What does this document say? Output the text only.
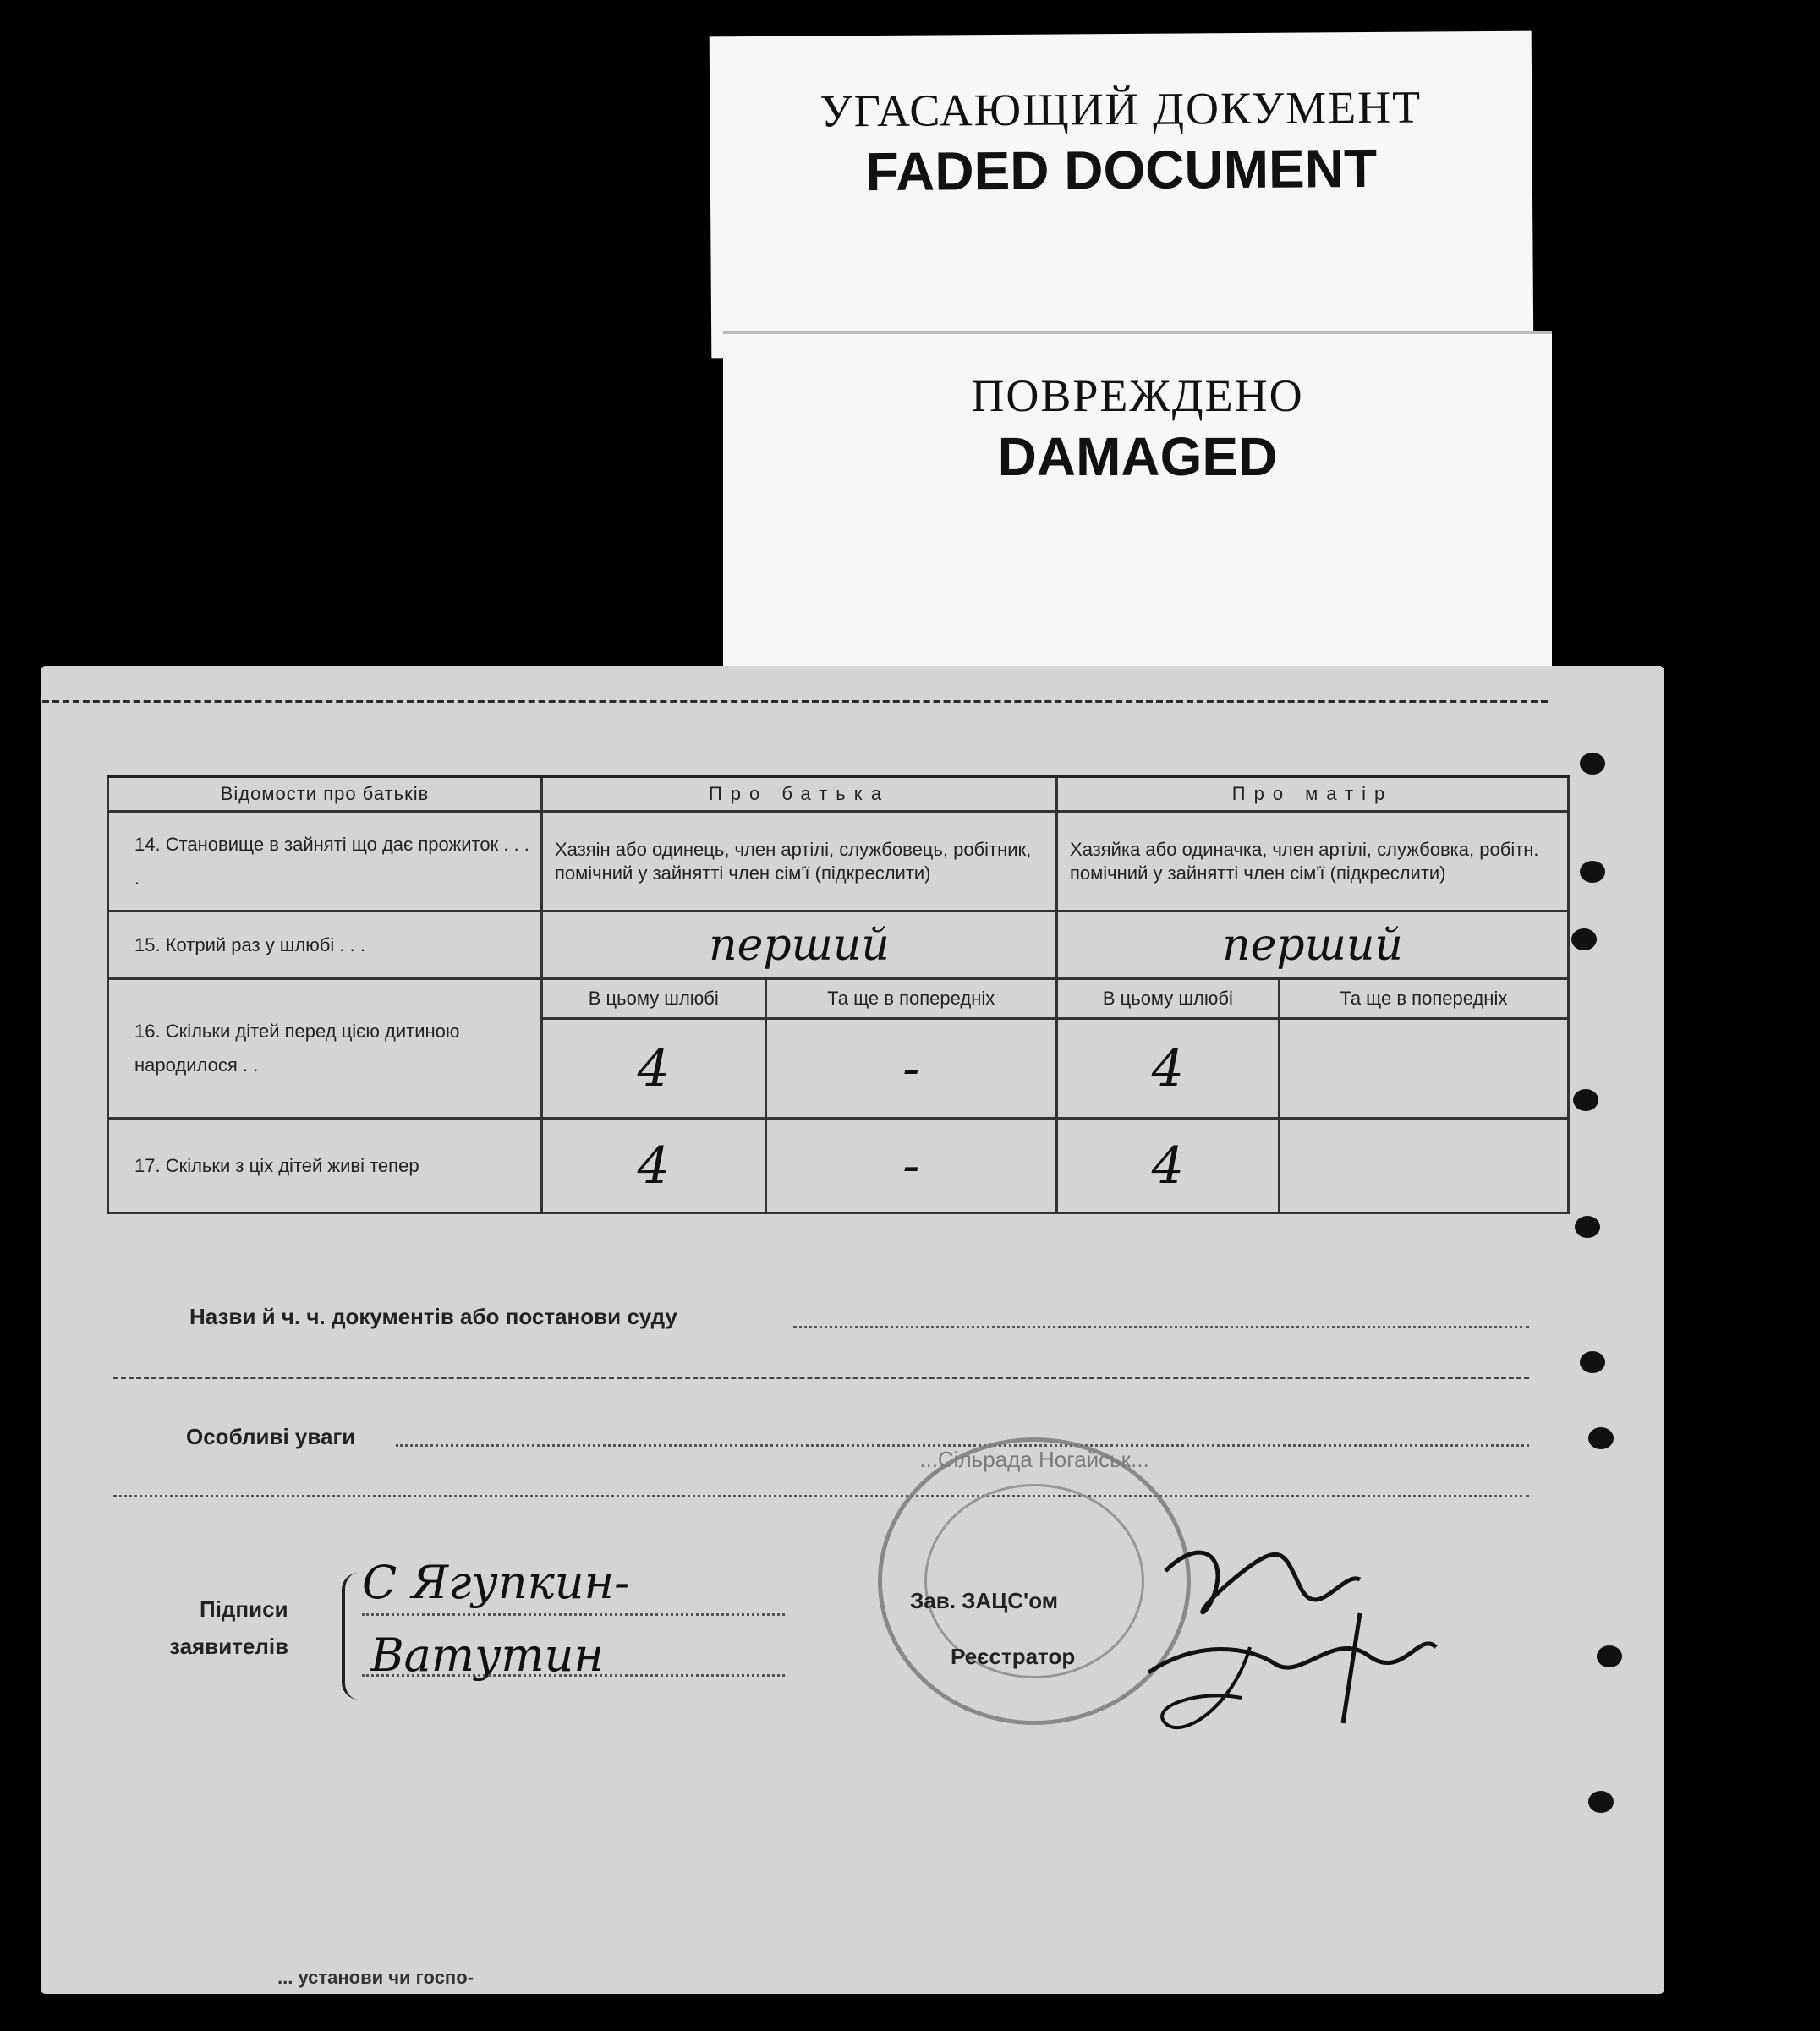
УГАСАЮЩИЙ ДОКУМЕНТ
FADED DOCUMENT
ПОВРЕЖДЕНО
DAMAGED
Відомости про батьків	Про батька		Про матір	
14. Становище в зайняті що дає прожиток . . . .	Хазяін або одинець, член артілі, службовець, робітник, помічний у зайнятті член сім'ї (підкреслити)		Хазяйка або одиначка, член артілі, службовка, робітн. помічний у зайнятті член сім'ї (підкреслити)	
15. Котрий раз у шлюбі . . .	перший		перший	
16. Скільки дітей перед цією дитиною народилося . .	В цьому шлюбі	Та ще в попередніх	В цьому шлюбі	Та ще в попередніх
	4	-	4	
17. Скільки з ціх дітей живі тепер	4	-	4	
Назви й ч. ч. документів або постанови суду
Особливі уваги
...Сільрада Ногайськ...
Підписи
заявителів
С Ягупкин-
Ватутин
Зав. ЗАЦС'ом
Реєстратор
... установи чи госпо-
